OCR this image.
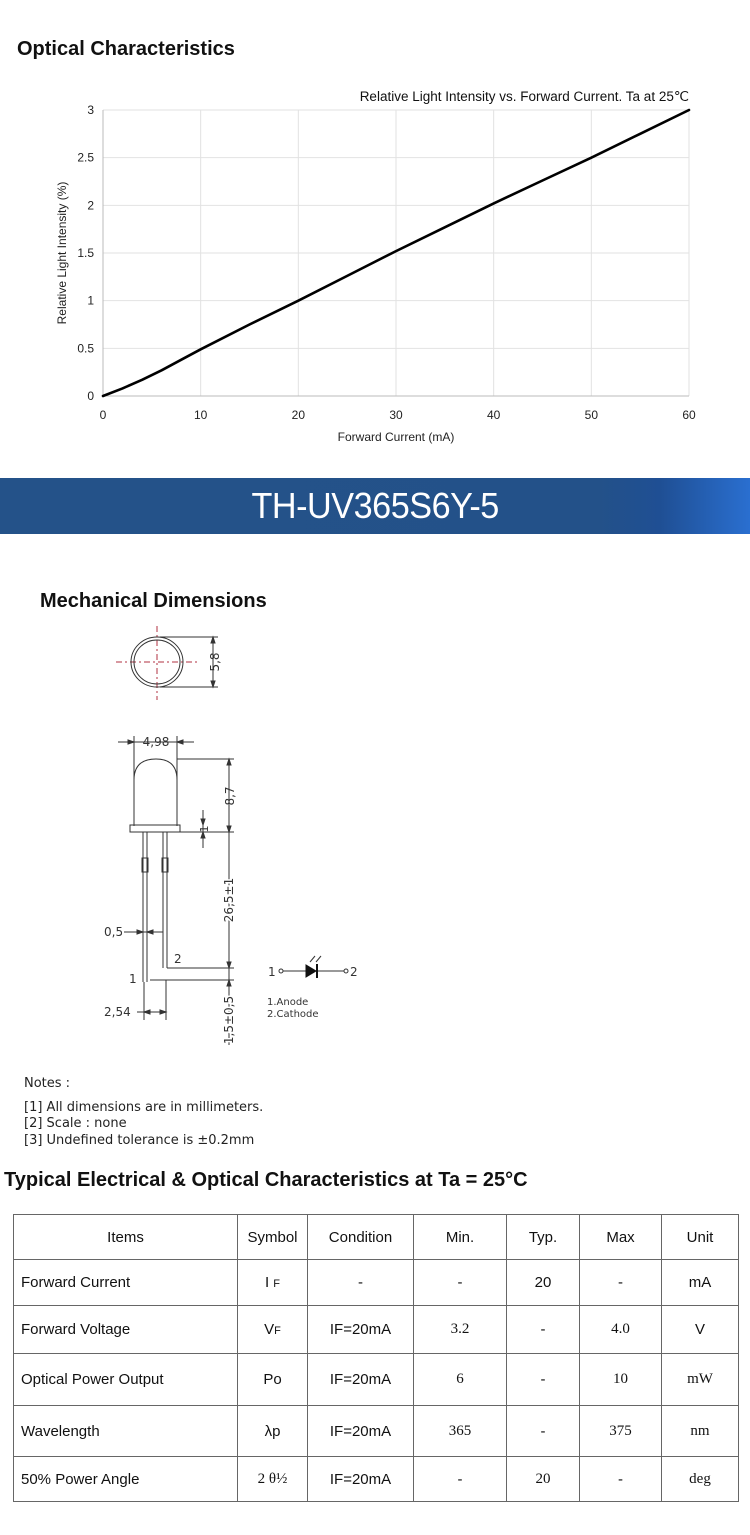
Optical Characteristics
Relative Light Intensity vs. Forward Current. Ta at 25℃
Forward Current (mA)
Relative Light Intensity (%)
0	10	20	30	40	50	60
0
0.5
1
1.5
2
2.5
3
TH-UV365S6Y-5
Mechanical Dimensions
5,8
4,98
8,7
1
26,5±1
1,5±0,5
0,5
1
2
2,54
1	2
1.Anode
2.Cathode
Notes :
[1] All dimensions are in millimeters.
[2] Scale : none
[3] Undefined tolerance is ±0.2mm
Typical Electrical & Optical Characteristics at Ta = 25°C
Items	Symbol	Condition	Min.	Typ.	Max	Unit
Forward Current	I F	-	-	20	-	mA
Forward Voltage	VF	IF=20mA	3.2	-	4.0	V
Optical Power Output	Po	IF=20mA	6	-	10	mW
Wavelength	λp	IF=20mA	365	-	375	nm
50% Power Angle	2 θ½	IF=20mA	-	20	-	deg
